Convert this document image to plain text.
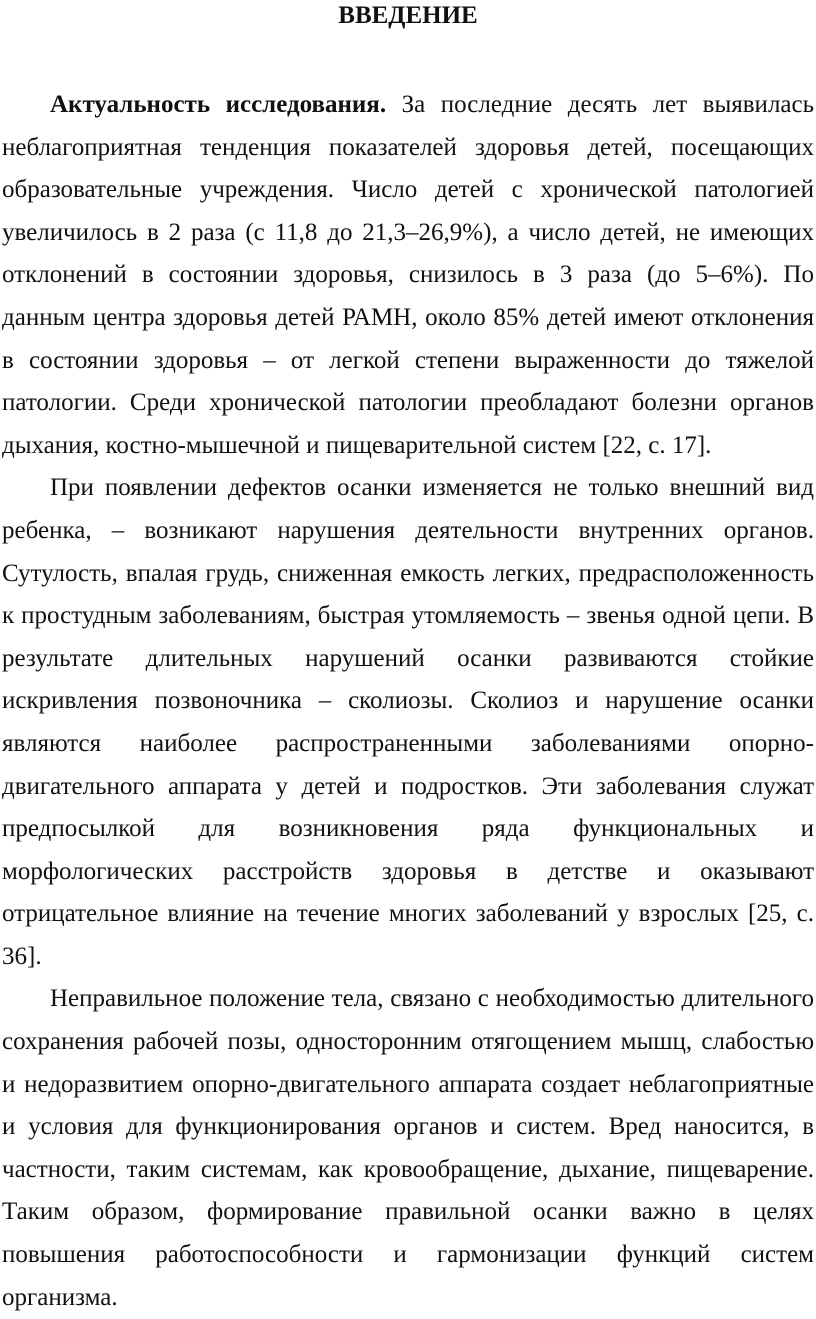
ВВЕДЕНИЕ

Актуальность исследования. За последние десять лет выявилась неблагоприятная тенденция показателей здоровья детей, посещающих образовательные учреждения. Число детей с хронической патологией увеличилось в 2 раза (с 11,8 до 21,3–26,9%), а число детей, не имеющих отклонений в состоянии здоровья, снизилось в 3 раза (до 5–6%). По данным центра здоровья детей РАМН, около 85% детей имеют отклонения в состоянии здоровья – от легкой степени выраженности до тяжелой патологии. Среди хронической патологии преобладают болезни органов дыхания, костно-мышечной и пищеварительной систем [22, с. 17].

При появлении дефектов осанки изменяется не только внешний вид ребенка, – возникают нарушения деятельности внутренних органов. Сутулость, впалая грудь, сниженная емкость легких, предрасположенность к простудным заболеваниям, быстрая утомляемость – звенья одной цепи. В результате длительных нарушений осанки развиваются стойкие искривления позвоночника – сколиозы. Сколиоз и нарушение осанки являются наиболее распространенными заболеваниями опорно-двигательного аппарата у детей и подростков. Эти заболевания служат предпосылкой для возникновения ряда функциональных и морфологических расстройств здоровья в детстве и оказывают отрицательное влияние на течение многих заболеваний у взрослых [25, с. 36].

Неправильное положение тела, связано с необходимостью длительного сохранения рабочей позы, односторонним отягощением мышц, слабостью и недоразвитием опорно-двигательного аппарата создает неблагоприятные и условия для функционирования органов и систем. Вред наносится, в частности, таким системам, как кровообращение, дыхание, пищеварение. Таким образом, формирование правильной осанки важно в целях повышения работоспособности и гармонизации функций систем организма.
